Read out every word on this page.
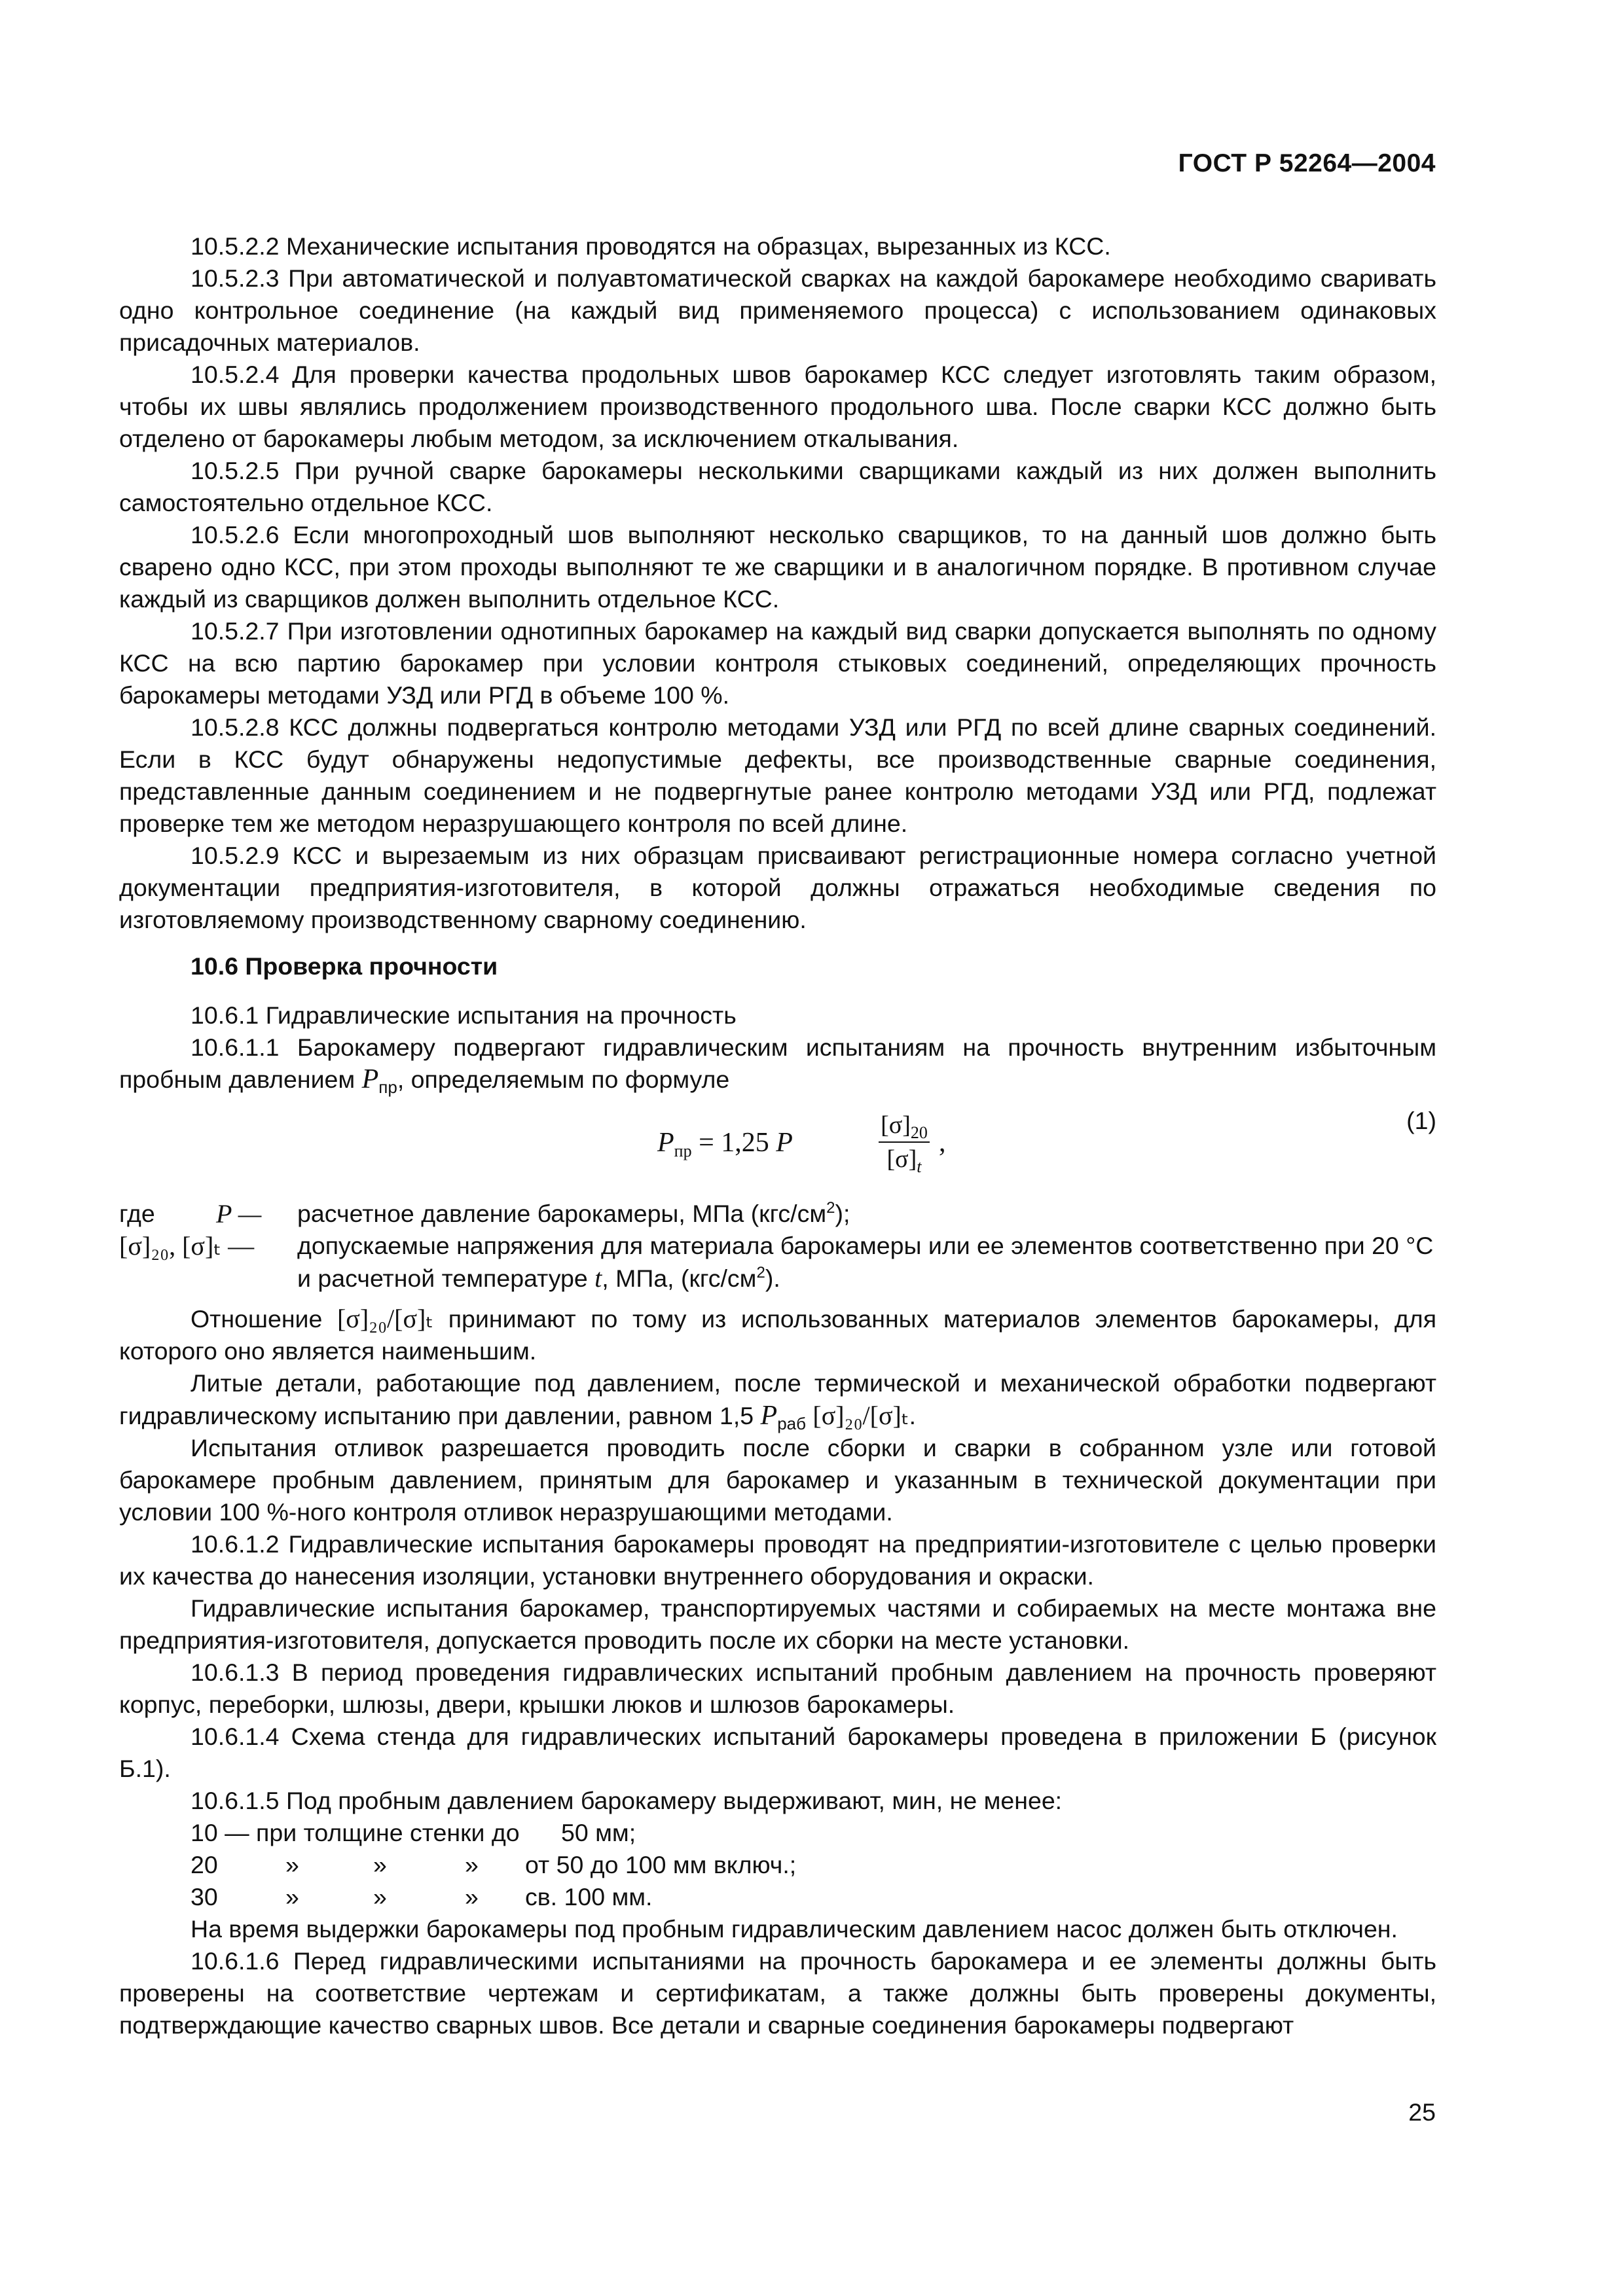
ГОСТ Р 52264—2004

10.5.2.2 Механические испытания проводятся на образцах, вырезанных из КСС.

10.5.2.3 При автоматической и полуавтоматической сварках на каждой барокамере необходимо сваривать одно контрольное соединение (на каждый вид применяемого процесса) с использованием одинаковых присадочных материалов.

10.5.2.4 Для проверки качества продольных швов барокамер КСС следует изготовлять таким образом, чтобы их швы являлись продолжением производственного продольного шва. После сварки КСС должно быть отделено от барокамеры любым методом, за исключением откалывания.

10.5.2.5 При ручной сварке барокамеры несколькими сварщиками каждый из них должен выполнить самостоятельно отдельное КСС.

10.5.2.6 Если многопроходный шов выполняют несколько сварщиков, то на данный шов должно быть сварено одно КСС, при этом проходы выполняют те же сварщики и в аналогичном порядке. В противном случае каждый из сварщиков должен выполнить отдельное КСС.

10.5.2.7 При изготовлении однотипных барокамер на каждый вид сварки допускается выполнять по одному КСС на всю партию барокамер при условии контроля стыковых соединений, определяющих прочность барокамеры методами УЗД или РГД в объеме 100 %.

10.5.2.8 КСС должны подвергаться контролю методами УЗД или РГД по всей длине сварных соединений. Если в КСС будут обнаружены недопустимые дефекты, все производственные сварные соединения, представленные данным соединением и не подвергнутые ранее контролю методами УЗД или РГД, подлежат проверке тем же методом неразрушающего контроля по всей длине.

10.5.2.9 КСС и вырезаемым из них образцам присваивают регистрационные номера согласно учетной документации предприятия-изготовителя, в которой должны отражаться необходимые сведения по изготовляемому производственному сварному соединению.

10.6 Проверка прочности

10.6.1 Гидравлические испытания на прочность

10.6.1.1 Барокамеру подвергают гидравлическим испытаниям на прочность внутренним избыточным пробным давлением $P_{пр}$, определяемым по формуле

$P_{пр} = 1,25$ P
$[\sigma]_{20}$
$[\sigma]_t$
,
(1)
где P — расчетное давление барокамеры, МПа $(кгс/см^2)$;
[σ]₂₀, [σ]ₜ — допускаемые напряжения для материала барокамеры или ее элементов соответственно при 20 °С и расчетной температуре t, МПа, $(кгс/см^2)$.

Отношение [σ]₂₀/[σ]ₜ принимают по тому из использованных материалов элементов барокамеры, для которого оно является наименьшим.

Литые детали, работающие под давлением, после термической и механической обработки подвергают гидравлическому испытанию при давлении, равном 1,5 $P_{раб}$ [σ]₂₀/[σ]ₜ.

Испытания отливок разрешается проводить после сборки и сварки в собранном узле или готовой барокамере пробным давлением, принятым для барокамер и указанным в технической документации при условии 100 %-ного контроля отливок неразрушающими методами.

10.6.1.2 Гидравлические испытания барокамеры проводят на предприятии-изготовителе с целью проверки их качества до нанесения изоляции, установки внутреннего оборудования и окраски.

Гидравлические испытания барокамер, транспортируемых частями и собираемых на месте монтажа вне предприятия-изготовителя, допускается проводить после их сборки на месте установки.

10.6.1.3 В период проведения гидравлических испытаний пробным давлением на прочность проверяют корпус, переборки, шлюзы, двери, крышки люков и шлюзов барокамеры.

10.6.1.4 Схема стенда для гидравлических испытаний барокамеры проведена в приложении Б (рисунок Б.1).

10.6.1.5 Под пробным давлением барокамеру выдерживают, мин, не менее:

10 — при толщине стенки до 50 мм;
20	»	»	» от 50 до 100 мм включ.;
30	»	»	» св. 100 мм.

На время выдержки барокамеры под пробным гидравлическим давлением насос должен быть отключен.

10.6.1.6 Перед гидравлическими испытаниями на прочность барокамера и ее элементы должны быть проверены на соответствие чертежам и сертификатам, а также должны быть проверены документы, подтверждающие качество сварных швов. Все детали и сварные соединения барокамеры подвергают

25
